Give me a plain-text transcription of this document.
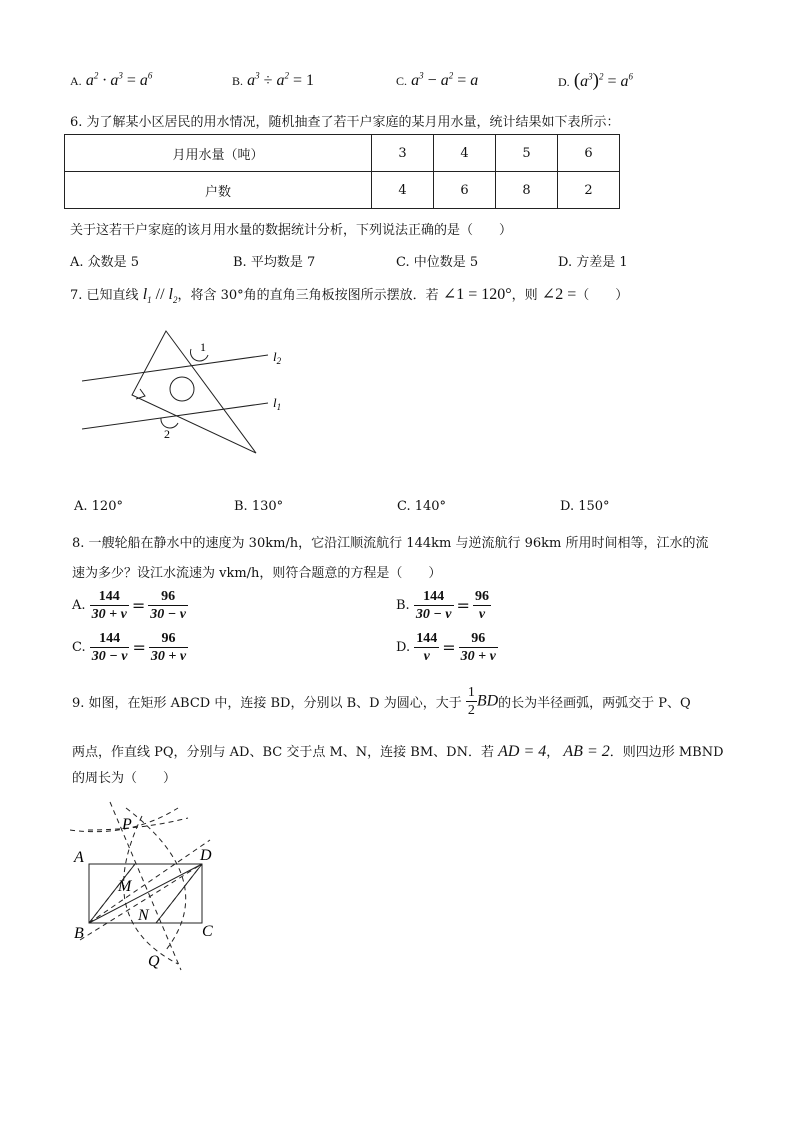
A. $a^2 \cdot a^3 = a^6$	B. $a^3 \div a^2 = 1$	C. $a^3 - a^2 = a$	D. $(a^3)^2 = a^6$
6. 为了解某小区居民的用水情况，随机抽查了若干户家庭的某月用水量，统计结果如下表所示：
月用水量（吨）	3	4	5	6
户数	4	6	8	2
关于这若干户家庭的该月用水量的数据统计分析，下列说法正确的是（　　）
A. 众数是 5	B. 平均数是 7	C. 中位数是 5	D. 方差是 1
7. 已知直线 $l_1 // l_2$，将含 30°角的直角三角板按图所示摆放．若 ∠1 = 120°，则 ∠2 =（　　）
1
2
$l_2$
$l_1$
A. 120°	B. 130°	C. 140°	D. 150°
8. 一艘轮船在静水中的速度为 30km/h，它沿江顺流航行 144km 与逆流航行 96km 所用时间相等，江水的流
速为多少？设江水流速为 vkm/h，则符合题意的方程是（　　）
A. $\frac{144}{30 + v} = \frac{96}{30 - v}$	B. $\frac{144}{30 - v} = \frac{96}{v}$
C. $\frac{144}{30 - v} = \frac{96}{30 + v}$	D. $\frac{144}{v} = \frac{96}{30 + v}$
9. 如图，在矩形 ABCD 中，连接 BD，分别以 B、D 为圆心，大于 $\frac{1}{2}$ BD的长为半径画弧，两弧交于 P、Q
两点，作直线 PQ，分别与 AD、BC 交于点 M、N，连接 BM、DN．若 AD = 4， AB = 2．则四边形 MBND
的周长为（　　）
P
A	D
M
N
B	C
Q
